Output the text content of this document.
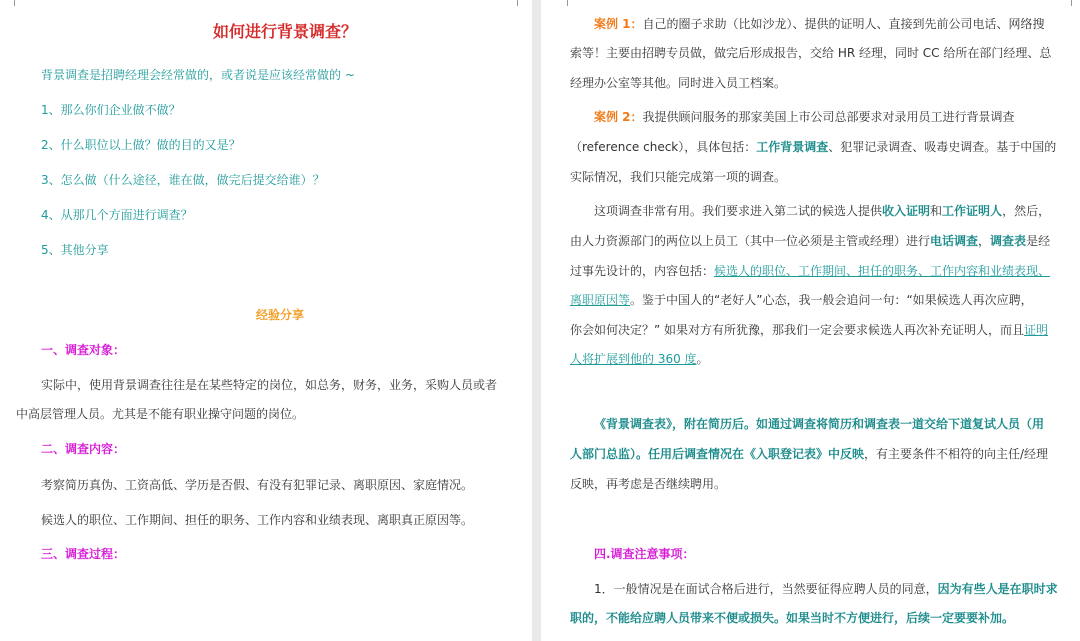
如何进行背景调查？
背景调查是招聘经理会经常做的，或者说是应该经常做的 ~
1、那么你们企业做不做？
2、什么职位以上做？做的目的又是？
3、怎么做（什么途径，谁在做，做完后提交给谁）？
4、从那几个方面进行调查？
5、其他分享
经验分享
一、调查对象：
实际中，使用背景调查往往是在某些特定的岗位，如总务，财务，业务，采购人员或者
中高层管理人员。尤其是不能有职业操守问题的岗位。
二、调查内容：
考察简历真伪、工资高低、学历是否假、有没有犯罪记录、离职原因、家庭情况。
候选人的职位、工作期间、担任的职务、工作内容和业绩表现、离职真正原因等。
三、调查过程：
案例 1：自己的圈子求助（比如沙龙）、提供的证明人、直接到先前公司电话、网络搜
索等！主要由招聘专员做，做完后形成报告，交给 HR 经理，同时 CC 给所在部门经理、总
经理办公室等其他。同时进入员工档案。
案例 2：我提供顾问服务的那家美国上市公司总部要求对录用员工进行背景调查
（reference check），具体包括：工作背景调查、犯罪记录调查、吸毒史调查。基于中国的
实际情况，我们只能完成第一项的调查。
这项调查非常有用。我们要求进入第二试的候选人提供收入证明和工作证明人，然后，
由人力资源部门的两位以上员工（其中一位必须是主管或经理）进行电话调查，调查表是经
过事先设计的，内容包括：候选人的职位、工作期间、担任的职务、工作内容和业绩表现、
离职原因等。鉴于中国人的“老好人”心态，我一般会追问一句：“如果候选人再次应聘，
你会如何决定？” 如果对方有所犹豫，那我们一定会要求候选人再次补充证明人，而且证明
人将扩展到他的 360 度。
《背景调查表》，附在简历后。如通过调查将简历和调查表一道交给下道复试人员（用
人部门总监）。任用后调查情况在《入职登记表》中反映，有主要条件不相符的向主任/经理
反映，再考虑是否继续聘用。
四.调查注意事项：
1．一般情况是在面试合格后进行，当然要征得应聘人员的同意，因为有些人是在职时求
职的，不能给应聘人员带来不便或损失。如果当时不方便进行，后续一定要要补加。
